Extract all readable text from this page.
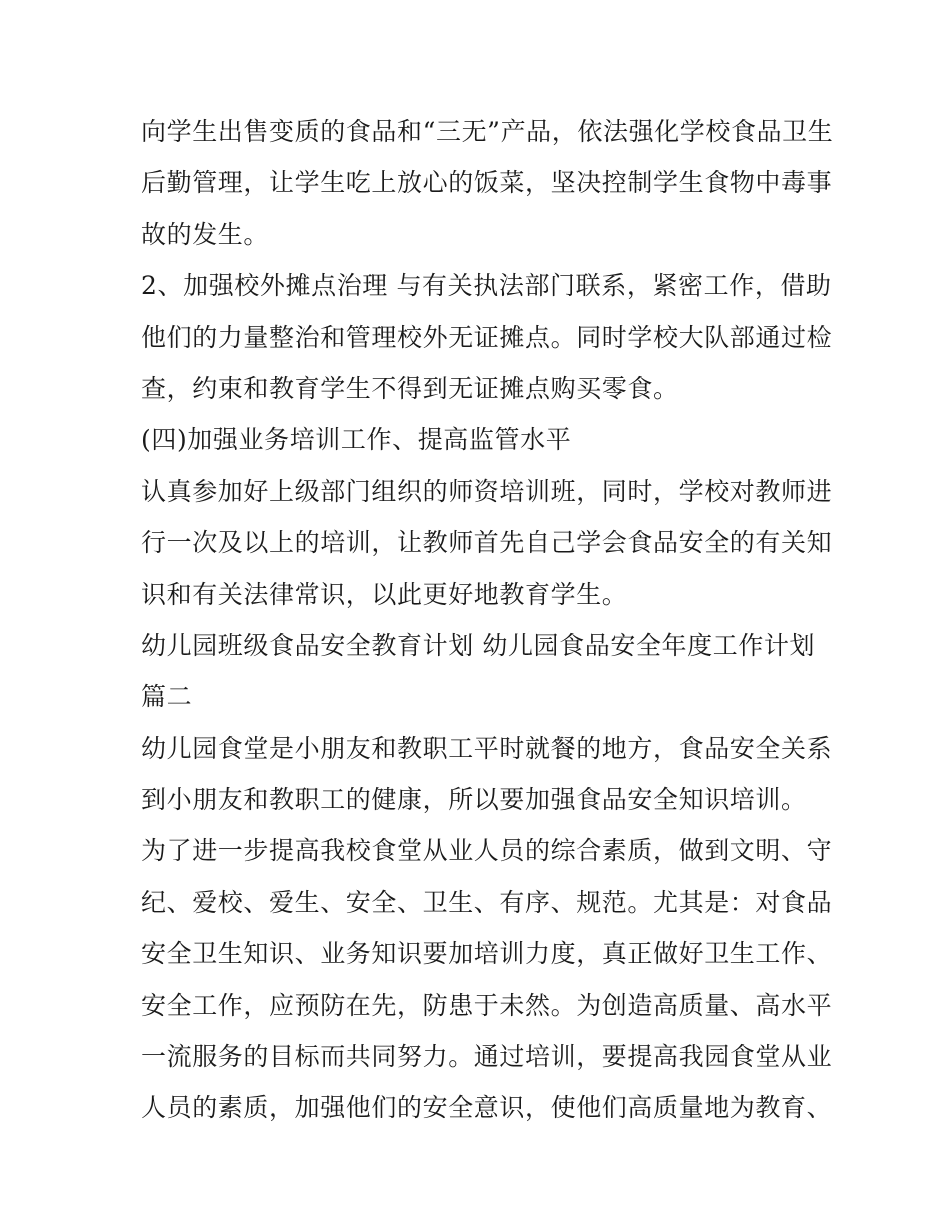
向学生出售变质的食品和“三无”产品，依法强化学校食品卫生
后勤管理，让学生吃上放心的饭菜，坚决控制学生食物中毒事
故的发生。
2、加强校外摊点治理 与有关执法部门联系，紧密工作，借助
他们的力量整治和管理校外无证摊点。同时学校大队部通过检
查，约束和教育学生不得到无证摊点购买零食。
(四)加强业务培训工作、提高监管水平
认真参加好上级部门组织的师资培训班，同时，学校对教师进
行一次及以上的培训，让教师首先自己学会食品安全的有关知
识和有关法律常识，以此更好地教育学生。
幼儿园班级食品安全教育计划 幼儿园食品安全年度工作计划
篇二
幼儿园食堂是小朋友和教职工平时就餐的地方，食品安全关系
到小朋友和教职工的健康，所以要加强食品安全知识培训。
为了进一步提高我校食堂从业人员的综合素质，做到文明、守
纪、爱校、爱生、安全、卫生、有序、规范。尤其是：对食品
安全卫生知识、业务知识要加培训力度，真正做好卫生工作、
安全工作，应预防在先，防患于未然。为创造高质量、高水平
一流服务的目标而共同努力。通过培训，要提高我园食堂从业
人员的素质，加强他们的安全意识，使他们高质量地为教育、
